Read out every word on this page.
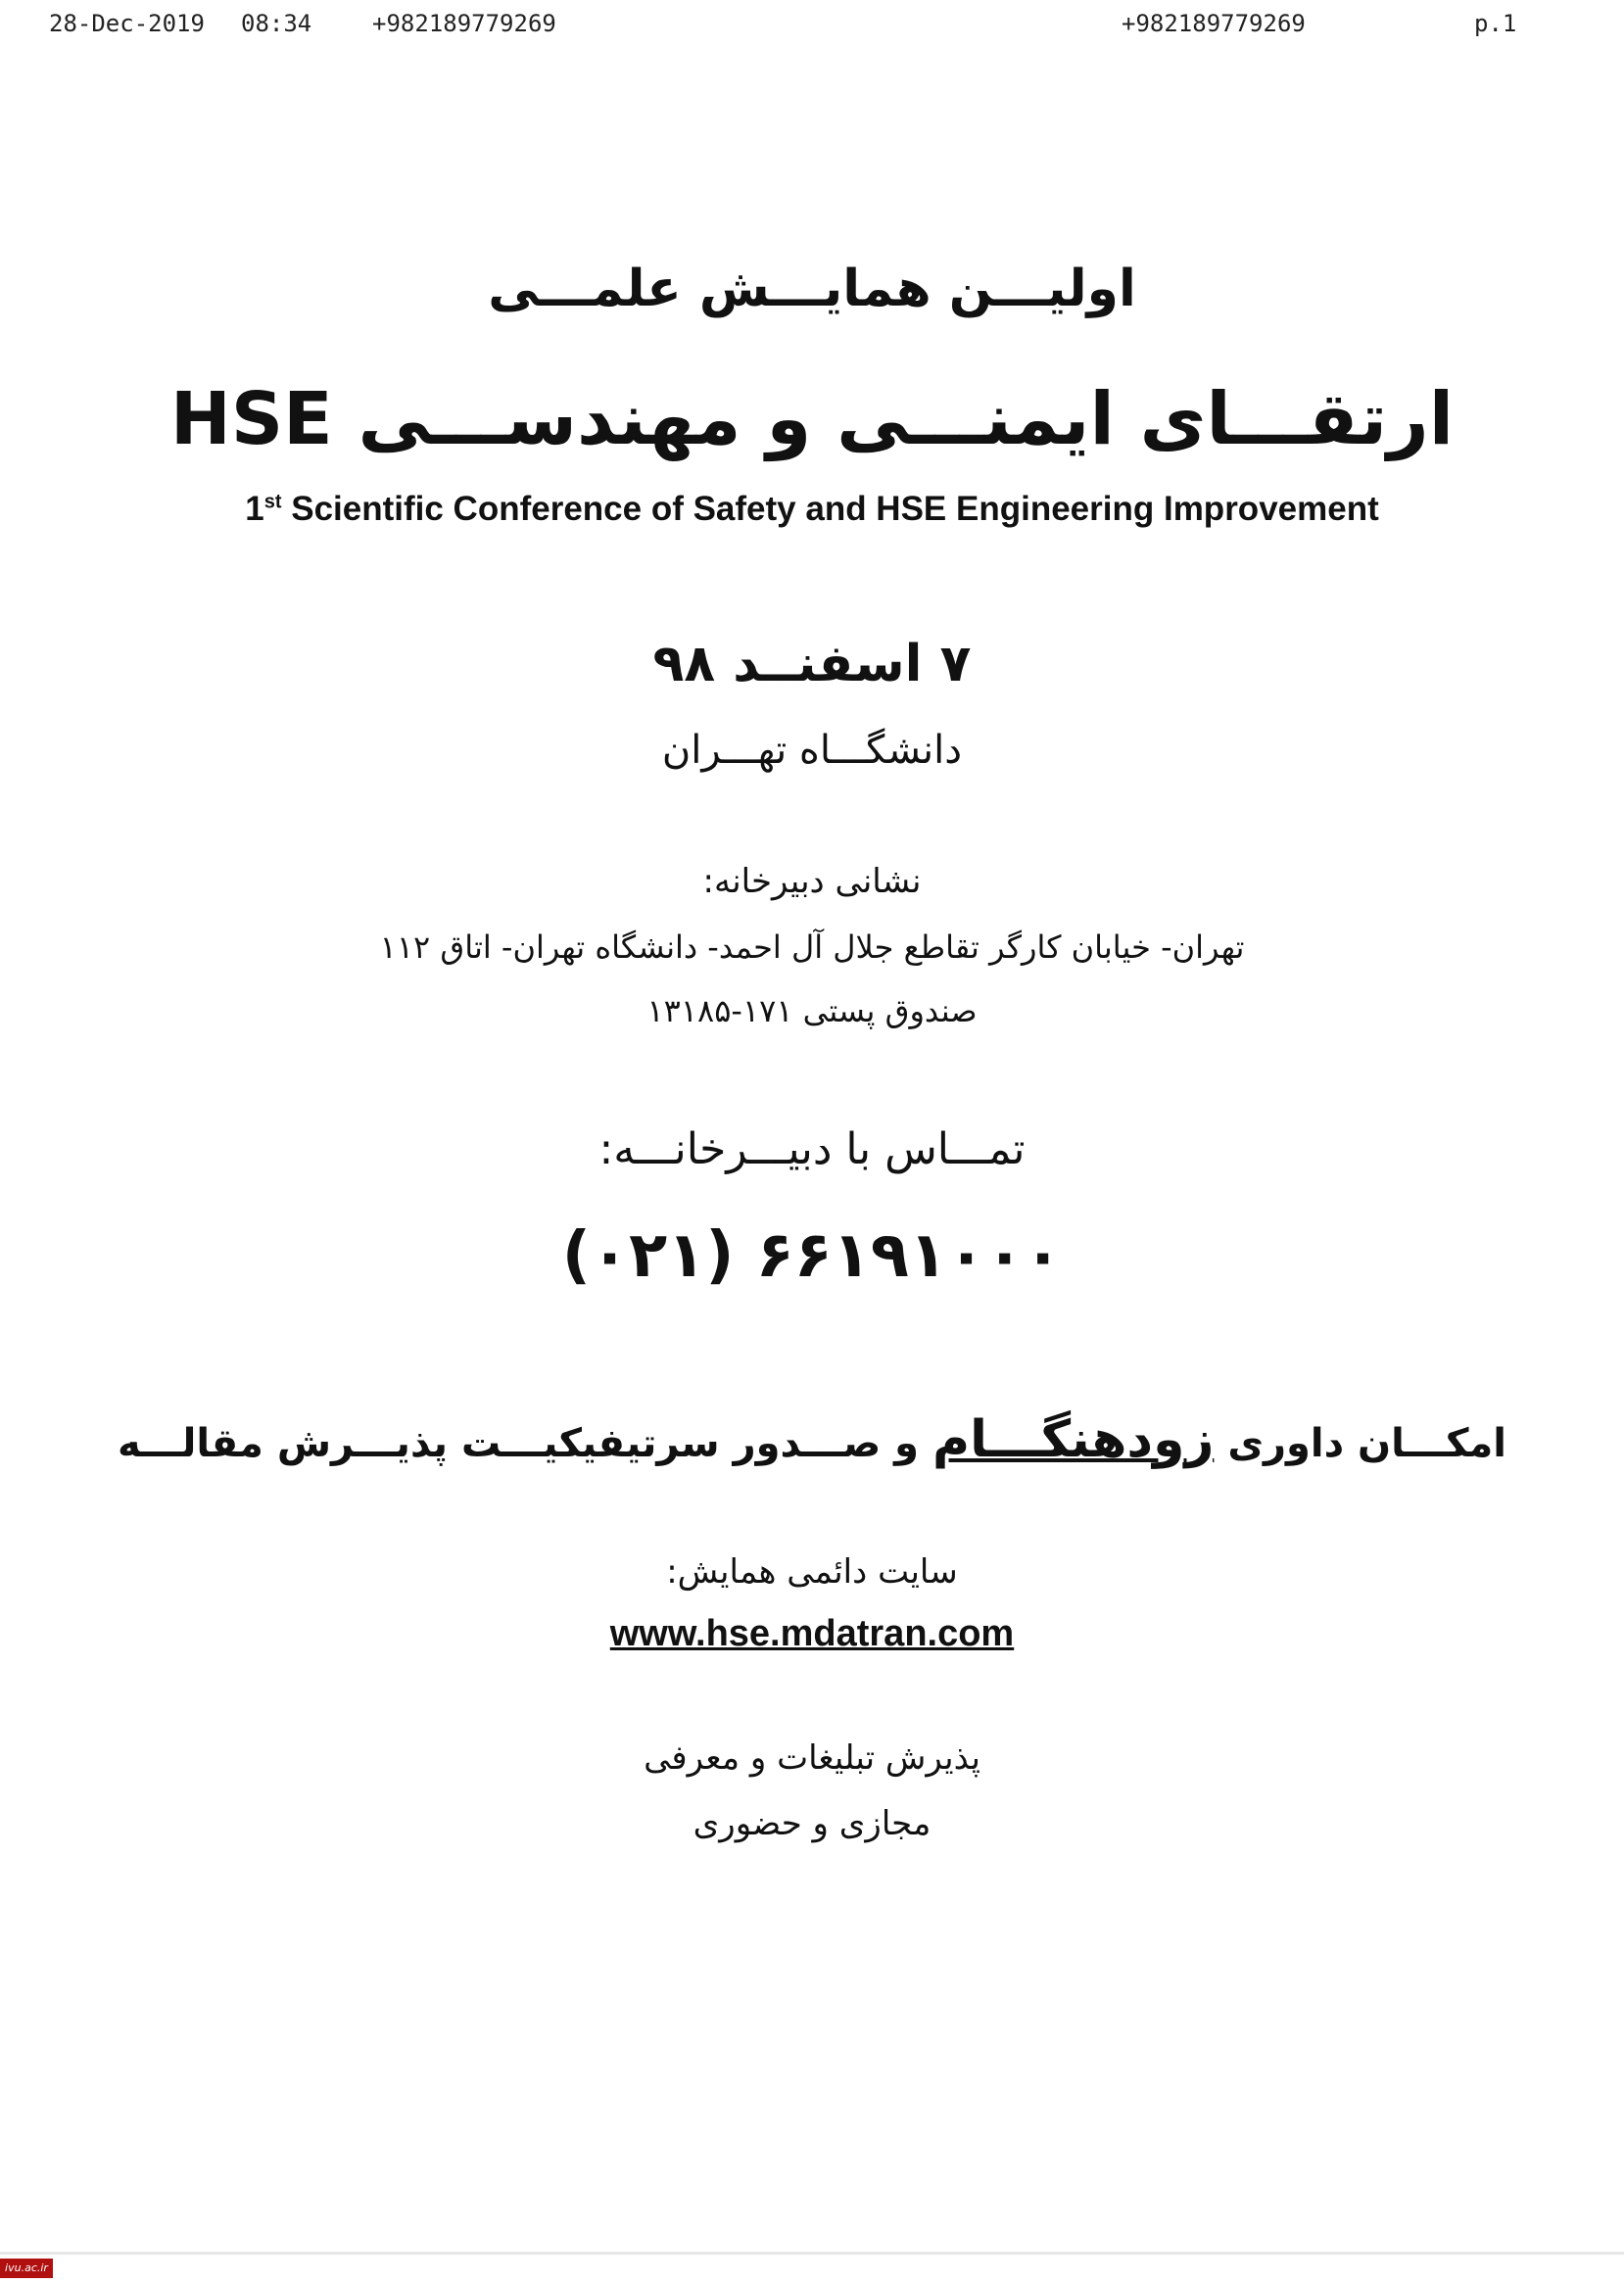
28-Dec-2019 08:34	+982189779269	+982189779269	p.1
اولیـــن همایـــش علمـــی
ارتقـــای ایمنـــی و مهندســـی HSE
1st Scientific Conference of Safety and HSE Engineering Improvement
۷ اسفنــد ۹۸
دانشگـــاه تهـــران
نشانی دبیرخانه:
تهران- خیابان کارگر تقاطع جلال آل احمد- دانشگاه تهران- اتاق ۱۱۲
صندوق پستی ۱۷۱-۱۳۱۸۵
تمـــاس با دبیـــرخانـــه:
(۰۲۱) ۶۶۱۹۱۰۰۰
امکـــان داوری زودهنگـــام و صـــدور سرتیفیکیـــت پذیـــرش مقالـــه
سایت دائمی همایش:
www.hse.mdatran.com
پذیرش تبلیغات و معرفی
مجازی و حضوری
ivu.ac.ir
